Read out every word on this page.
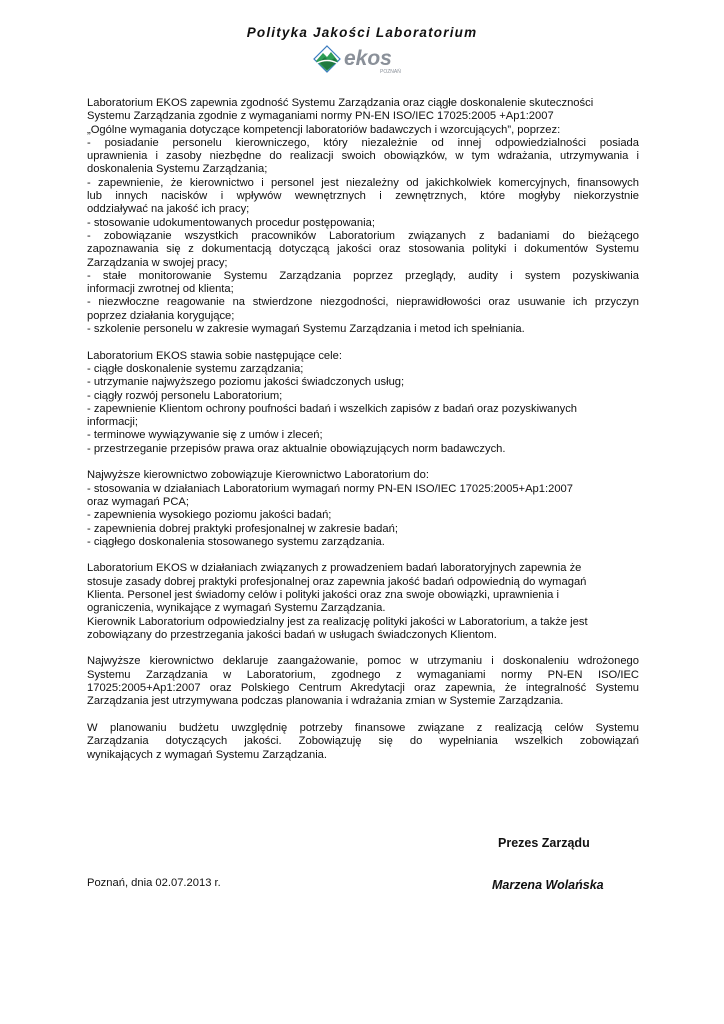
Polityka Jakości Laboratorium
ekos
POZNAŃ
Laboratorium EKOS zapewnia zgodność Systemu Zarządzania oraz ciągłe doskonalenie skuteczności
Systemu Zarządzania zgodnie z wymaganiami normy PN-EN ISO/IEC 17025:2005 +Ap1:2007
„Ogólne wymagania dotyczące kompetencji laboratoriów badawczych i wzorcujących”, poprzez:
- posiadanie personelu kierowniczego, który niezależnie od innej odpowiedzialności posiada
uprawnienia i zasoby niezbędne do realizacji swoich obowiązków, w tym wdrażania, utrzymywania i
doskonalenia Systemu Zarządzania;
- zapewnienie, że kierownictwo i personel jest niezależny od jakichkolwiek komercyjnych, finansowych
lub innych nacisków i wpływów wewnętrznych i zewnętrznych, które mogłyby niekorzystnie
oddziaływać na jakość ich pracy;
- stosowanie udokumentowanych procedur postępowania;
- zobowiązanie wszystkich pracowników Laboratorium związanych z badaniami do bieżącego
zapoznawania się z dokumentacją dotyczącą jakości oraz stosowania polityki i dokumentów Systemu
Zarządzania w swojej pracy;
- stałe monitorowanie Systemu Zarządzania poprzez przeglądy, audity i system pozyskiwania
informacji zwrotnej od klienta;
- niezwłoczne reagowanie na stwierdzone niezgodności, nieprawidłowości oraz usuwanie ich przyczyn
poprzez działania korygujące;
- szkolenie personelu w zakresie wymagań Systemu Zarządzania i metod ich spełniania.
Laboratorium EKOS stawia sobie następujące cele:
- ciągłe doskonalenie systemu zarządzania;
- utrzymanie najwyższego poziomu jakości świadczonych usług;
- ciągły rozwój personelu Laboratorium;
- zapewnienie Klientom ochrony poufności badań i wszelkich zapisów z badań oraz pozyskiwanych
informacji;
- terminowe wywiązywanie się z umów i zleceń;
- przestrzeganie przepisów prawa oraz aktualnie obowiązujących norm badawczych.
Najwyższe kierownictwo zobowiązuje Kierownictwo Laboratorium do:
- stosowania w działaniach Laboratorium wymagań normy PN-EN ISO/IEC 17025:2005+Ap1:2007
oraz wymagań PCA;
- zapewnienia wysokiego poziomu jakości badań;
- zapewnienia dobrej praktyki profesjonalnej w zakresie badań;
- ciągłego doskonalenia stosowanego systemu zarządzania.
Laboratorium EKOS w działaniach związanych z prowadzeniem badań laboratoryjnych zapewnia że
stosuje zasady dobrej praktyki profesjonalnej oraz zapewnia jakość badań odpowiednią do wymagań
Klienta. Personel jest świadomy celów i polityki jakości oraz zna swoje obowiązki, uprawnienia i
ograniczenia, wynikające z wymagań Systemu Zarządzania.
Kierownik Laboratorium odpowiedzialny jest za realizację polityki jakości w Laboratorium, a także jest
zobowiązany do przestrzegania jakości badań w usługach świadczonych Klientom.
Najwyższe kierownictwo deklaruje zaangażowanie, pomoc w utrzymaniu i doskonaleniu wdrożonego
Systemu Zarządzania w Laboratorium, zgodnego z wymaganiami normy PN-EN ISO/IEC
17025:2005+Ap1:2007 oraz Polskiego Centrum Akredytacji oraz zapewnia, że integralność Systemu
Zarządzania jest utrzymywana podczas planowania i wdrażania zmian w Systemie Zarządzania.
W planowaniu budżetu uwzględnię potrzeby finansowe związane z realizacją celów Systemu
Zarządzania dotyczących jakości. Zobowiązuję się do wypełniania wszelkich zobowiązań
wynikających z wymagań Systemu Zarządzania.
Prezes Zarządu
Poznań, dnia 02.07.2013 r.	Marzena Wolańska
